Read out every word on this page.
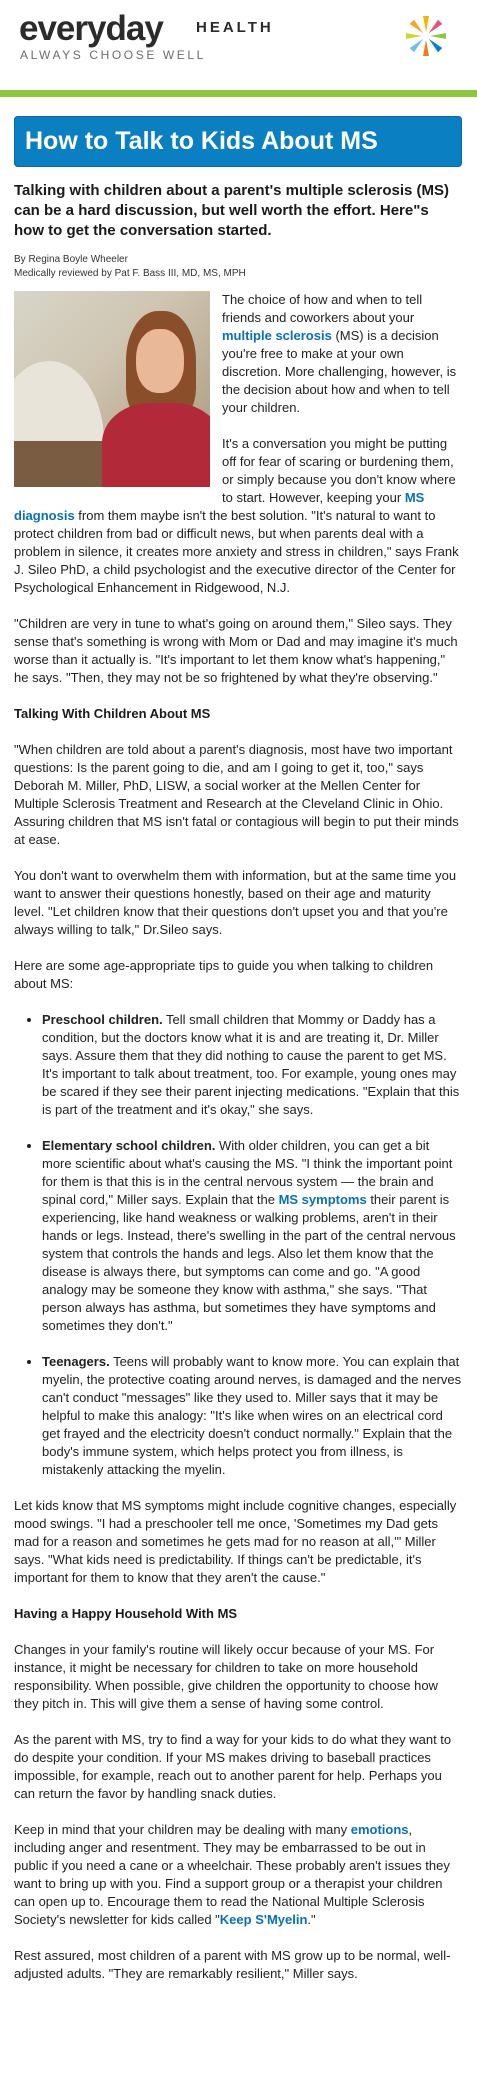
everyday HEALTH
ALWAYS CHOOSE WELL
How to Talk to Kids About MS

Talking with children about a parent's multiple sclerosis (MS) can be a hard discussion, but well worth the effort. Here"s how to get the conversation started.

By Regina Boyle Wheeler

Medically reviewed by Pat F. Bass III, MD, MS, MPH

The choice of how and when to tell friends and coworkers about your multiple sclerosis (MS) is a decision you're free to make at your own discretion. More challenging, however, is the decision about how and when to tell your children.

It's a conversation you might be putting off for fear of scaring or burdening them, or simply because you don't know where to start. However, keeping your MS diagnosis from them maybe isn't the best solution. "It's natural to want to protect children from bad or difficult news, but when parents deal with a problem in silence, it creates more anxiety and stress in children," says Frank J. Sileo PhD, a child psychologist and the executive director of the Center for Psychological Enhancement in Ridgewood, N.J.

"Children are very in tune to what's going on around them," Sileo says. They sense that's something is wrong with Mom or Dad and may imagine it's much worse than it actually is. "It's important to let them know what's happening," he says. "Then, they may not be so frightened by what they're observing."

Talking With Children About MS

"When children are told about a parent's diagnosis, most have two important questions: Is the parent going to die, and am I going to get it, too," says Deborah M. Miller, PhD, LISW, a social worker at the Mellen Center for Multiple Sclerosis Treatment and Research at the Cleveland Clinic in Ohio. Assuring children that MS isn't fatal or contagious will begin to put their minds at ease.

You don't want to overwhelm them with information, but at the same time you want to answer their questions honestly, based on their age and maturity level. "Let children know that their questions don't upset you and that you're always willing to talk," Dr.Sileo says.

Here are some age-appropriate tips to guide you when talking to children about MS:

• Preschool children. Tell small children that Mommy or Daddy has a condition, but the doctors know what it is and are treating it, Dr. Miller says. Assure them that they did nothing to cause the parent to get MS. It's important to talk about treatment, too. For example, young ones may be scared if they see their parent injecting medications. "Explain that this is part of the treatment and it's okay," she says.
• Elementary school children. With older children, you can get a bit more scientific about what's causing the MS. "I think the important point for them is that this is in the central nervous system — the brain and spinal cord," Miller says. Explain that the MS symptoms their parent is experiencing, like hand weakness or walking problems, aren't in their hands or legs. Instead, there's swelling in the part of the central nervous system that controls the hands and legs. Also let them know that the disease is always there, but symptoms can come and go. "A good analogy may be someone they know with asthma," she says. "That person always has asthma, but sometimes they have symptoms and sometimes they don't."
• Teenagers. Teens will probably want to know more. You can explain that myelin, the protective coating around nerves, is damaged and the nerves can't conduct "messages" like they used to. Miller says that it may be helpful to make this analogy: "It's like when wires on an electrical cord get frayed and the electricity doesn't conduct normally." Explain that the body's immune system, which helps protect you from illness, is mistakenly attacking the myelin.

Let kids know that MS symptoms might include cognitive changes, especially mood swings. "I had a preschooler tell me once, 'Sometimes my Dad gets mad for a reason and sometimes he gets mad for no reason at all,'" Miller says. "What kids need is predictability. If things can't be predictable, it's important for them to know that they aren't the cause."

Having a Happy Household With MS

Changes in your family's routine will likely occur because of your MS. For instance, it might be necessary for children to take on more household responsibility. When possible, give children the opportunity to choose how they pitch in. This will give them a sense of having some control.

As the parent with MS, try to find a way for your kids to do what they want to do despite your condition. If your MS makes driving to baseball practices impossible, for example, reach out to another parent for help. Perhaps you can return the favor by handling snack duties.

Keep in mind that your children may be dealing with many emotions, including anger and resentment. They may be embarrassed to be out in public if you need a cane or a wheelchair. These probably aren't issues they want to bring up with you. Find a support group or a therapist your children can open up to. Encourage them to read the National Multiple Sclerosis Society's newsletter for kids called "Keep S'Myelin."

Rest assured, most children of a parent with MS grow up to be normal, well-adjusted adults. "They are remarkably resilient," Miller says.
